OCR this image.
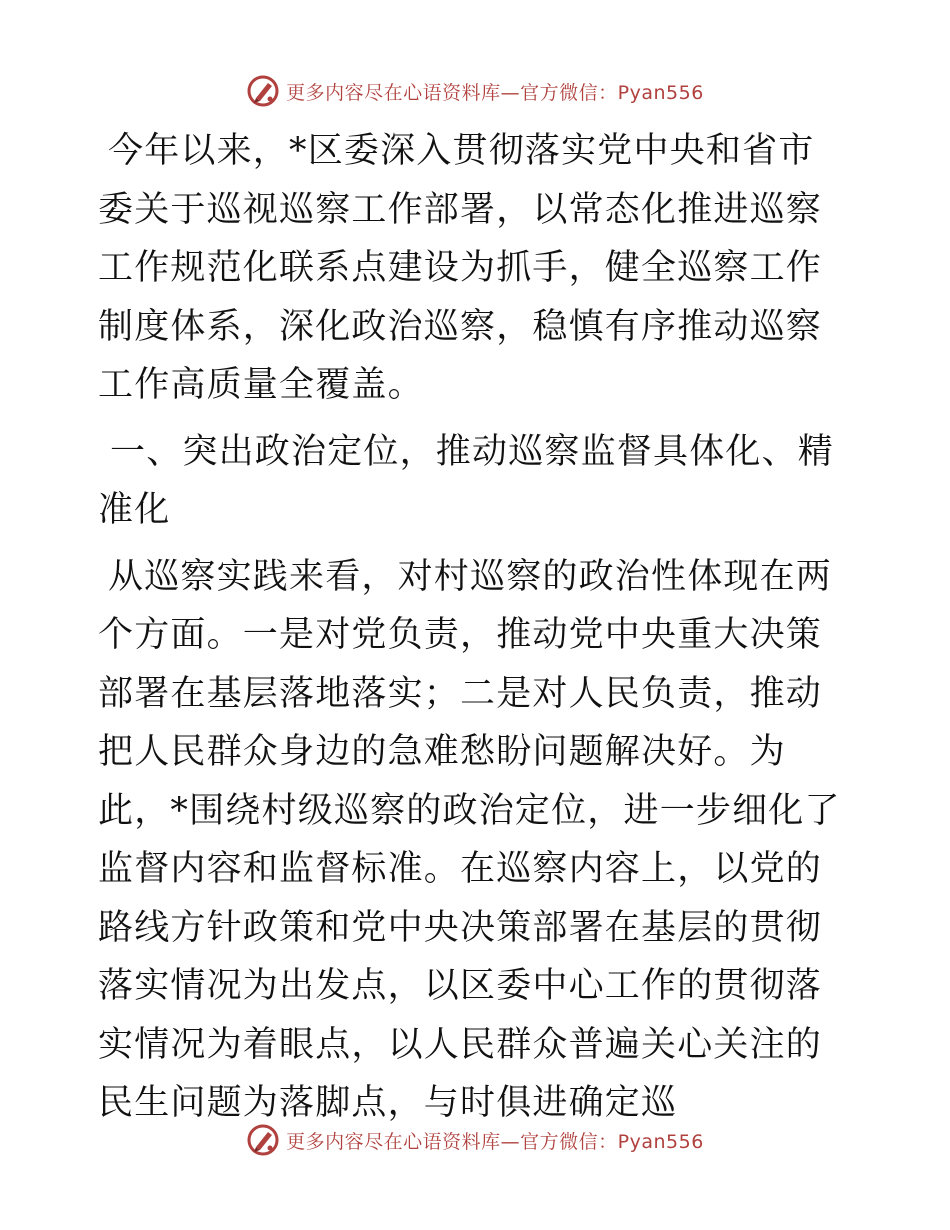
更多内容尽在心语资料库—官方微信：Pyan556

今年以来，*区委深入贯彻落实党中央和省市委关于巡视巡察工作部署，以常态化推进巡察工作规范化联系点建设为抓手，健全巡察工作制度体系，深化政治巡察，稳慎有序推动巡察工作高质量全覆盖。

一、突出政治定位，推动巡察监督具体化、精准化

从巡察实践来看，对村巡察的政治性体现在两个方面。一是对党负责，推动党中央重大决策部署在基层落地落实；二是对人民负责，推动把人民群众身边的急难愁盼问题解决好。为此，*围绕村级巡察的政治定位，进一步细化了监督内容和监督标准。在巡察内容上，以党的路线方针政策和党中央决策部署在基层的贯彻落实情况为出发点，以区委中心工作的贯彻落实情况为着眼点，以人民群众普遍关心关注的民生问题为落脚点，与时俱进确定巡

更多内容尽在心语资料库—官方微信：Pyan556
